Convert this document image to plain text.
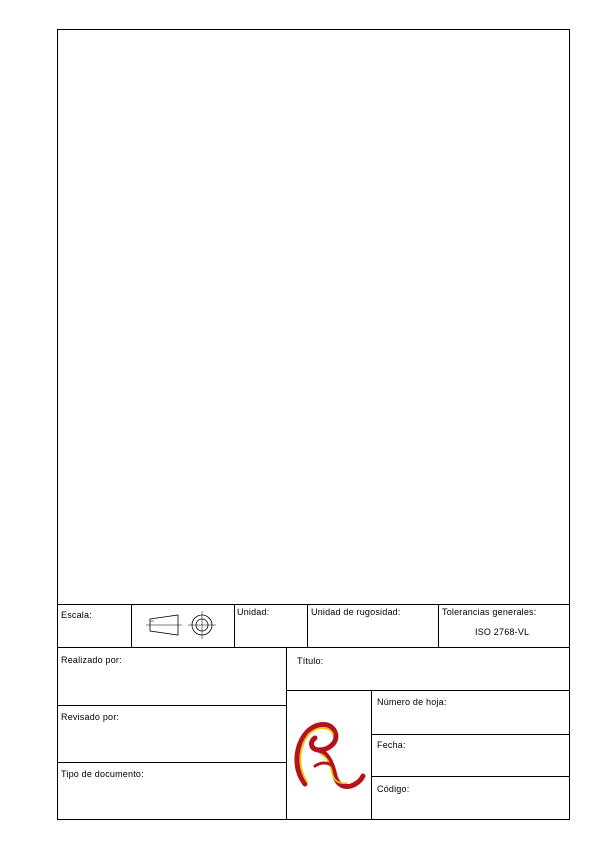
Escala:	Unidad:	Unidad de rugosidad:	Tolerancias generales:
ISO 2768-VL
Realizado por:
Revisado por:
Tipo de documento:
Título:
Número de hoja:
Fecha:
Código:
